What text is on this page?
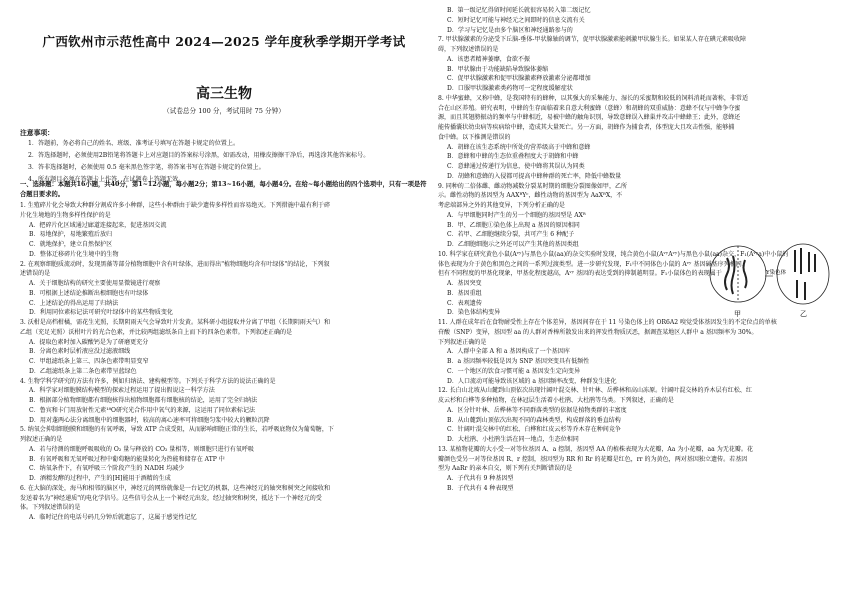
广西钦州市示范性高中 2024—2025 学年度秋季学期开学考试
高三生物
（试卷总分 100 分，考试用时 75 分钟）
注意事项：
1．答题前，务必将自己的姓名、班级、准考证号填写在答题卡规定的位置上。
2．答选择题时，必须使用2B铅笔将答题卡上对应题目的答案标号涂黑，如需改动，用橡皮擦擦干净后，再选涂其他答案标号。
3．答非选择题时，必须使用 0.5 毫米黑色签字笔，将答案书写在答题卡规定的位置上。
4．所有题目必须在答题卡上作答，在试题卷上答题无效。
一、选择题：本题共16小题，共40分，第1~12小题，每小题2分；第13~16小题，每小题4分。在给~每小题给出的四个选项中，只有一项是符合题目要求的。
1. 生殖碎片化会导致大种群分割成许多小种群，这些小种群由于缺少遗传多样性而容易绝灭。下列措施中最有利于碎
片化生境地的生物多样性保护的是
A．把碎片化区域通过廊道连接起来，促进基因交流
B．易地保护，易地繁殖后放归
C．就地保护，建立自然保护区
D．整体迁移碎片化生境中的生物
2. 在观察细胞质流动时，发现黑藻等部分植物细胞中含有叶绿体，进而得出"植物细胞均含有叶绿体"的结论，下列叙
述错误的是
A．关于细胞结构的研究主要使用显微镜进行观察
B．可根据上述结论推断出根细胞也有叶绿体
C．上述结论的得出运用了归纳法
D．利用同位素标记法可研究叶绿体中的某些物质变化
3. 沃柑是高档柑橘，需花生光照，长期阴雨天气会导致叶片发黄。某科研小组提取并分离了甲组（长期阴雨天气）和
乙组（充足光照）沃柑叶片的光合色素，并比较两组滤纸条自上而下的四条色素带。下列叙述正确的是
A．提取色素时加入碳酸钙是为了研磨更充分
B．分离色素时层析液应没过滤液细线
C．甲组滤纸条上第三、四条色素带明显变窄
D．乙组滤纸条上第二条色素带呈蓝绿色
4. 生物学科学研究的方法有许多，例如归纳法、建构模型等。下列关于科学方法的说法正确的是
A．科学家对细胞膜结构模型的探索过程运用了提出假说这一科学方法
B．根据部分植物细胞都有细胞核得出植物细胞都有细胞核的结论，运用了完全归纳法
C．鲁宾和卡门用放射性元素¹⁸O研究光合作用中氧气的来源，这运用了同位素标记法
D．用对蓬两心法分离细胞中的细胞器时，较高的离心速率可将细胞匀浆中较大的颗粒沉降
5. 纳氧会抑制细胞膜和细胞的有氧呼吸，导致 ATP 合成受阻，从而影响细胞正常的生长，若呼吸底物仅为葡萄糖，下
列叙述正确的是
A．若与待测的细胞呼吸吸收的 O₂ 量与释放的 CO₂ 量相等，则细胞只进行有氧呼吸
B．有氧呼吸和无氧呼吸过程中葡萄糖的能量转化为热能和储存在 ATP 中
C．纳氧条件下，有氧呼吸三个阶段产生的 NADH 均减少
D．酒精发酵的过程中，产生的[H]能用于酒精的生成
6. 在大脑的深处，海马和相邻的脑区中，神经元的网络就像是一台记忆的机器，这些神经元的轴突和树突之间接收和
发送着名为"神经递质"的电化学信号。这些信号会从上一个神经元出发，经过轴突和树突，抵达下一个神经元的受
体。下列叙述错误的是
A．临时记住的电话号码几分钟后就遗忘了，这属于感觉性记忆
B．第一级记忆得留时间延长就很容易转入第二级记忆
C．短时记忆可能与神经元之间即时的信息交流有关
D．学习与记忆是由多个脑区和神经通路参与的
7. 甲状腺激素的分泌受下丘脑-垂体-甲状腺轴的调节，促甲状腺激素能刺激甲状腺生长。如果某人存在碘元素吸收障
碍，下列叙述错误的是
A．该患者精神萎靡，食欲不振
B．甲状腺由于功能缺陷导致腺体萎缩
C．促甲状腺激素和促甲状腺激素释放激素分泌都增加
D．口服甲状腺激素类药物可一定程度缓解症状
8. 中华蜜蜂，又称中蜂，是我国特有的蜂种，以其强大的采集能力、湿长的采蜜期和较低的饲料消耗而著称，非常适
合在山区养殖。研究表明，中蜂的生存面临着来自意大利蜜蜂（意蜂）和胡蜂的双重威胁：意蜂不仅与中蜂争夺蜜
源，而且其翅膀振动的频率与中蜂相近，易被中蜂的触角识别，导致意蜂误入蜂巢并攻击中蜂蜂王；此外，意蜂还
能传播囊状幼虫病等疾病给中蜂，造成其大量死亡。另一方面，胡蜂作为捕食者，体型庞大且攻击性强，能够捕
食中蜂。以下推测是错误的
A．胡蜂在该生态系统中所处的营养级高于中蜂和意蜂
B．意蜂和中蜂的生态位重叠程度大于胡蜂和中蜂
C．意蜂通过传递行为信息，使中蜂将其误认为同类
D．胡蜂和意蜂的入侵都可提高中蜂种群的死亡率，降低中蜂数量
9. 同种的二倍体雌、雌动物减数分裂某时期的细胞分裂图像如甲，乙所
示。雌性动物的基因型为 AAXᴮYᶜ，雌性动物的基因型为 AaXᴮX，不
考虑端部异之外的其他变异，下列分析正确的是
A．与甲细胞同时产生的另一个细胞的基因型是 AXᴮ
B．甲、乙细胞①染色体上出现 a 基因的原因相同
C．若甲、乙细胞继续分裂，共可产生 6 种配子
D．乙细胞细胞示之外还可以产生其他的基因类组
10. 科学家在研究黄色小鼠(Aᵛʸ)与黑色小鼠(aa)的杂交实验时发现，纯合黄色小鼠(AᵛʸAᵛʸ)与黑色小鼠(aa)杂交，F₁(Aᵛʸa)中小鼠的
体色表现为介于黄色和黑色之间的一系列过渡类型。进一步研究发现，F₁中不同体色小鼠的 Aᵛʸ 基因碱基序列相同，
但有不同程度的甲基化现象，甲基化程度越高，Aᵛʸ 基因的表达受到的抑制越明显。F₁小鼠体色的表现属于
A．基因突变
B．基因重组
C．表观遗传
D．染色体结构变异
11. 人群在成年后在食物耐受性上存在个体差异，基因间存在于 11 号染色体上的 OR6A2 嗅觉受体基因发生的不定位点的单核
苷酸（SNP）变异，基因型 aa 的人群对香棒所散发出来的挥发性物质厌恶，据调查某地区人群中 a 基因频率为 30%。
下列叙述正确的是
A．人群中全部 A 和 a 基因构成了一个基因库
B．a 基因频率较低是因为 SNP 基因突变具有低频性
C．一个地区的饮食习惯可能 a 基因发生定向变异
D．人口流动可能导致该区域的 a 基因频率改变，种群发生进化
12. 长白山北坡从山麓到山顶依次出现针阔叶混交林、针叶林、岳桦林和高山冻原。针阔叶混交林的乔木层有红松、红
皮云杉和白桦等多种植物，在林冠层生活着小杜鹃、大杜鹃等鸟类。下列叙述，正确的是
A．区分针叶林、岳桦林等不同群落类型的依据是植物类群的丰富度
B．从山麓到山顶依次出现不同的森林类型，构成群落的垂直结构
C．针阔叶混交林中的红松、白桦和红皮云杉等乔木存在种间竞争
D．大杜鹃、小杜鹃生活在同一地点，生态位相同
13. 某植物花瓣的大小受一对等位基因 A、a 控制，基因型 AA 的植株表现为大花瓣，Aa 为小花瓣，aa 为无花瓣。花
瓣颜色受另一对等位基因 R、r 控制，基因型为 RR 和 Rr 的花瓣是红色，rr 的为黄色，两对基因独立遗传。若基因
型为 AaRr 的亲本自交，则下列有关判断错误的是
A．子代共有 9 种基因型
B．子代共有 4 种表现型
甲	乙
Y染色体
